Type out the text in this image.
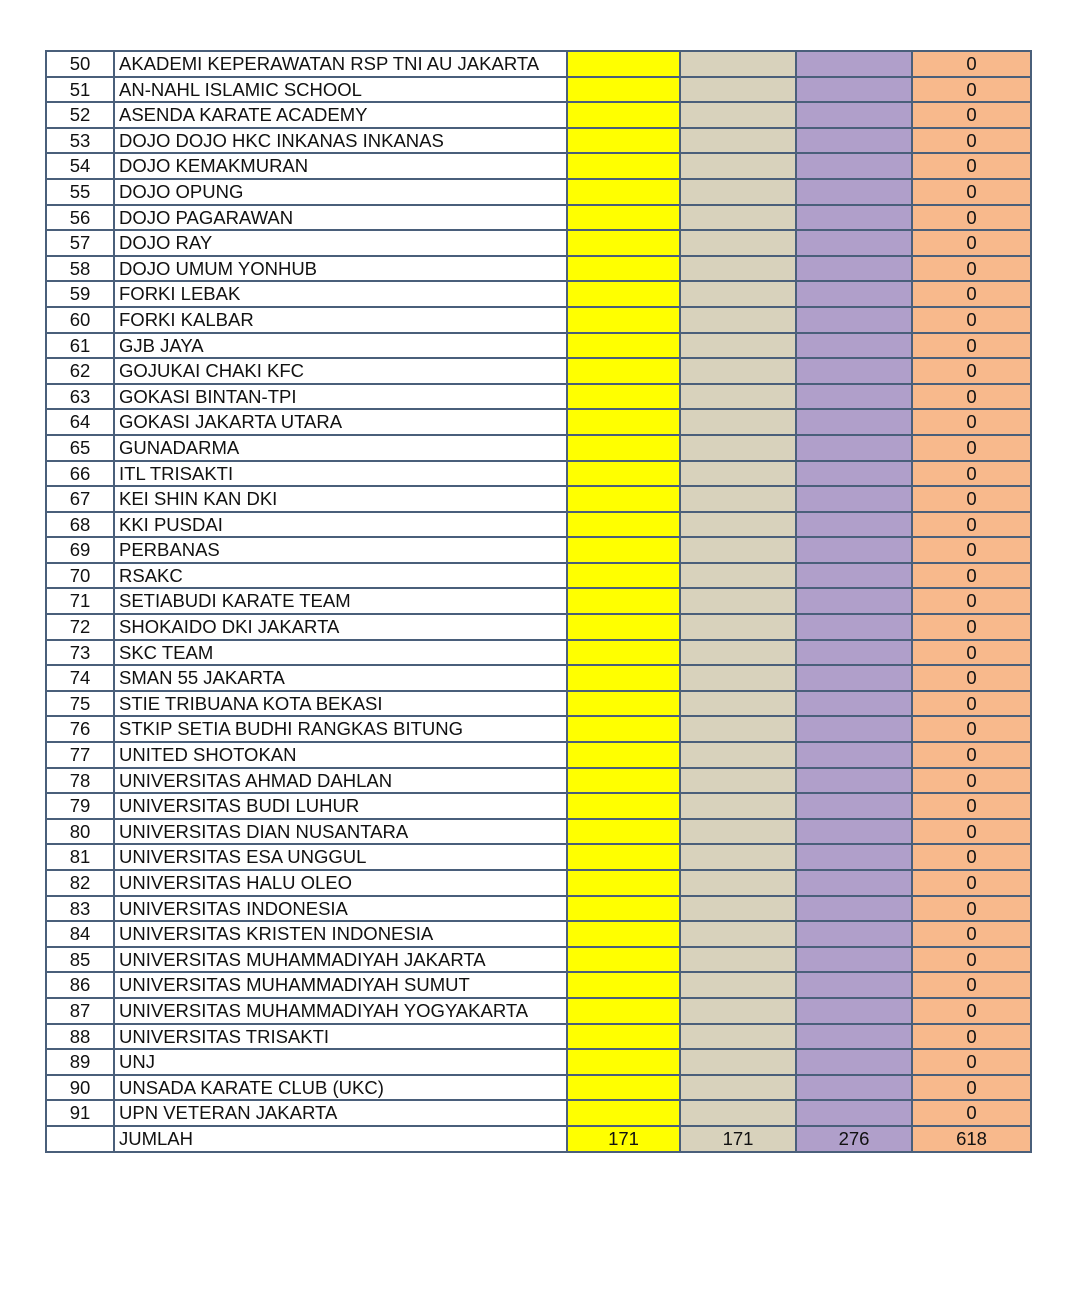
50	AKADEMI KEPERAWATAN RSP TNI AU JAKARTA				0
51	AN-NAHL ISLAMIC SCHOOL				0
52	ASENDA KARATE ACADEMY				0
53	DOJO DOJO HKC INKANAS INKANAS				0
54	DOJO KEMAKMURAN				0
55	DOJO OPUNG				0
56	DOJO PAGARAWAN				0
57	DOJO RAY				0
58	DOJO UMUM YONHUB				0
59	FORKI LEBAK				0
60	FORKI KALBAR				0
61	GJB JAYA				0
62	GOJUKAI CHAKI KFC				0
63	GOKASI BINTAN-TPI				0
64	GOKASI JAKARTA UTARA				0
65	GUNADARMA				0
66	ITL TRISAKTI				0
67	KEI SHIN KAN DKI				0
68	KKI PUSDAI				0
69	PERBANAS				0
70	RSAKC				0
71	SETIABUDI KARATE TEAM				0
72	SHOKAIDO DKI JAKARTA				0
73	SKC TEAM				0
74	SMAN 55 JAKARTA				0
75	STIE TRIBUANA KOTA BEKASI				0
76	STKIP SETIA BUDHI RANGKAS BITUNG				0
77	UNITED SHOTOKAN				0
78	UNIVERSITAS AHMAD DAHLAN				0
79	UNIVERSITAS BUDI LUHUR				0
80	UNIVERSITAS DIAN NUSANTARA				0
81	UNIVERSITAS ESA UNGGUL				0
82	UNIVERSITAS HALU OLEO				0
83	UNIVERSITAS INDONESIA				0
84	UNIVERSITAS KRISTEN INDONESIA				0
85	UNIVERSITAS MUHAMMADIYAH JAKARTA				0
86	UNIVERSITAS MUHAMMADIYAH SUMUT				0
87	UNIVERSITAS MUHAMMADIYAH YOGYAKARTA				0
88	UNIVERSITAS TRISAKTI				0
89	UNJ				0
90	UNSADA KARATE CLUB (UKC)				0
91	UPN VETERAN JAKARTA				0
	JUMLAH	171	171	276	618
